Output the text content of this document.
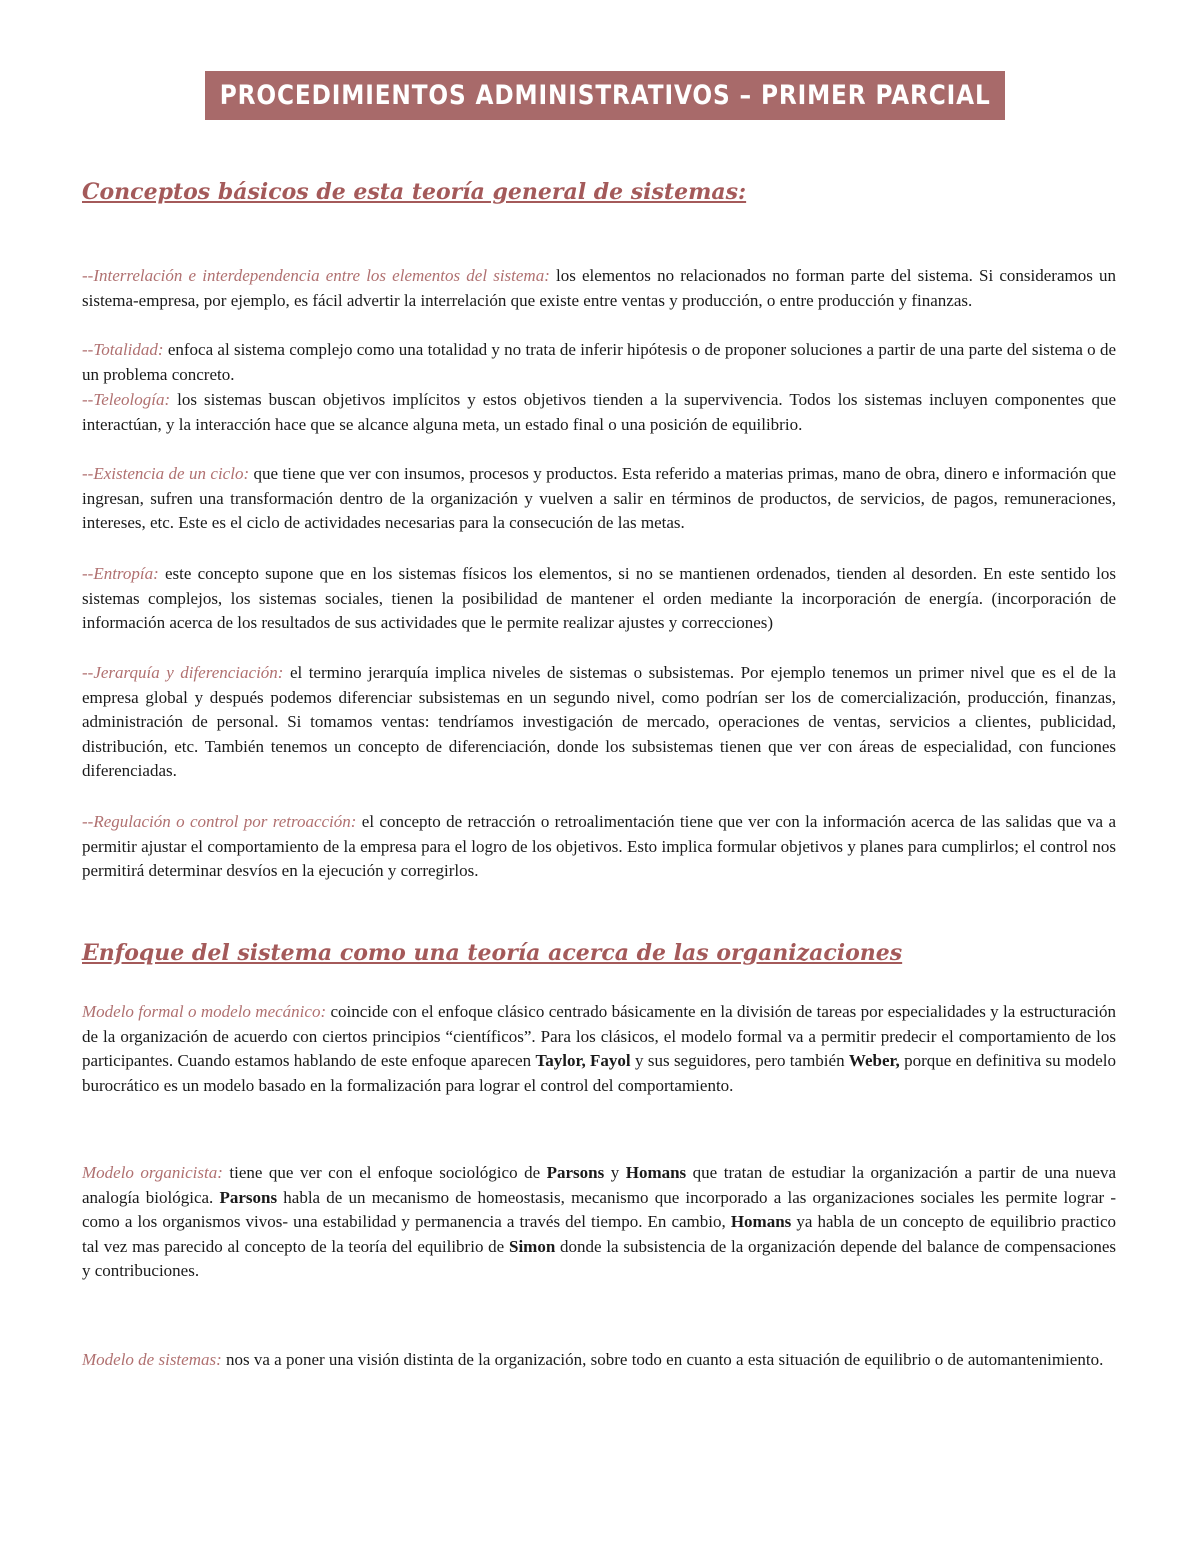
PROCEDIMIENTOS ADMINISTRATIVOS – PRIMER PARCIAL
Conceptos básicos de esta teoría general de sistemas:

--Interrelación e interdependencia entre los elementos del sistema: los elementos no relacionados no forman parte del sistema. Si consideramos un sistema-empresa, por ejemplo, es fácil advertir la interrelación que existe entre ventas y producción, o entre producción y finanzas.

--Totalidad: enfoca al sistema complejo como una totalidad y no trata de inferir hipótesis o de proponer soluciones a partir de una parte del sistema o de un problema concreto.

--Teleología: los sistemas buscan objetivos implícitos y estos objetivos tienden a la supervivencia. Todos los sistemas incluyen componentes que interactúan, y la interacción hace que se alcance alguna meta, un estado final o una posición de equilibrio.

--Existencia de un ciclo: que tiene que ver con insumos, procesos y productos. Esta referido a materias primas, mano de obra, dinero e información que ingresan, sufren una transformación dentro de la organización y vuelven a salir en términos de productos, de servicios, de pagos, remuneraciones, intereses, etc. Este es el ciclo de actividades necesarias para la consecución de las metas.

--Entropía: este concepto supone que en los sistemas físicos los elementos, si no se mantienen ordenados, tienden al desorden. En este sentido los sistemas complejos, los sistemas sociales, tienen la posibilidad de mantener el orden mediante la incorporación de energía. (incorporación de información acerca de los resultados de sus actividades que le permite realizar ajustes y correcciones)

--Jerarquía y diferenciación: el termino jerarquía implica niveles de sistemas o subsistemas. Por ejemplo tenemos un primer nivel que es el de la empresa global y después podemos diferenciar subsistemas en un segundo nivel, como podrían ser los de comercialización, producción, finanzas, administración de personal. Si tomamos ventas: tendríamos investigación de mercado, operaciones de ventas, servicios a clientes, publicidad, distribución, etc. También tenemos un concepto de diferenciación, donde los subsistemas tienen que ver con áreas de especialidad, con funciones diferenciadas.

--Regulación o control por retroacción: el concepto de retracción o retroalimentación tiene que ver con la información acerca de las salidas que va a permitir ajustar el comportamiento de la empresa para el logro de los objetivos. Esto implica formular objetivos y planes para cumplirlos; el control nos permitirá determinar desvíos en la ejecución y corregirlos.

Enfoque del sistema como una teoría acerca de las organizaciones

Modelo formal o modelo mecánico: coincide con el enfoque clásico centrado básicamente en la división de tareas por especialidades y la estructuración de la organización de acuerdo con ciertos principios “científicos”. Para los clásicos, el modelo formal va a permitir predecir el comportamiento de los participantes. Cuando estamos hablando de este enfoque aparecen Taylor, Fayol y sus seguidores, pero también Weber, porque en definitiva su modelo burocrático es un modelo basado en la formalización para lograr el control del comportamiento.

Modelo organicista: tiene que ver con el enfoque sociológico de Parsons y Homans que tratan de estudiar la organización a partir de una nueva analogía biológica. Parsons habla de un mecanismo de homeostasis, mecanismo que incorporado a las organizaciones sociales les permite lograr -como a los organismos vivos- una estabilidad y permanencia a través del tiempo. En cambio, Homans ya habla de un concepto de equilibrio practico tal vez mas parecido al concepto de la teoría del equilibrio de Simon donde la subsistencia de la organización depende del balance de compensaciones y contribuciones.

Modelo de sistemas: nos va a poner una visión distinta de la organización, sobre todo en cuanto a esta situación de equilibrio o de automantenimiento.
